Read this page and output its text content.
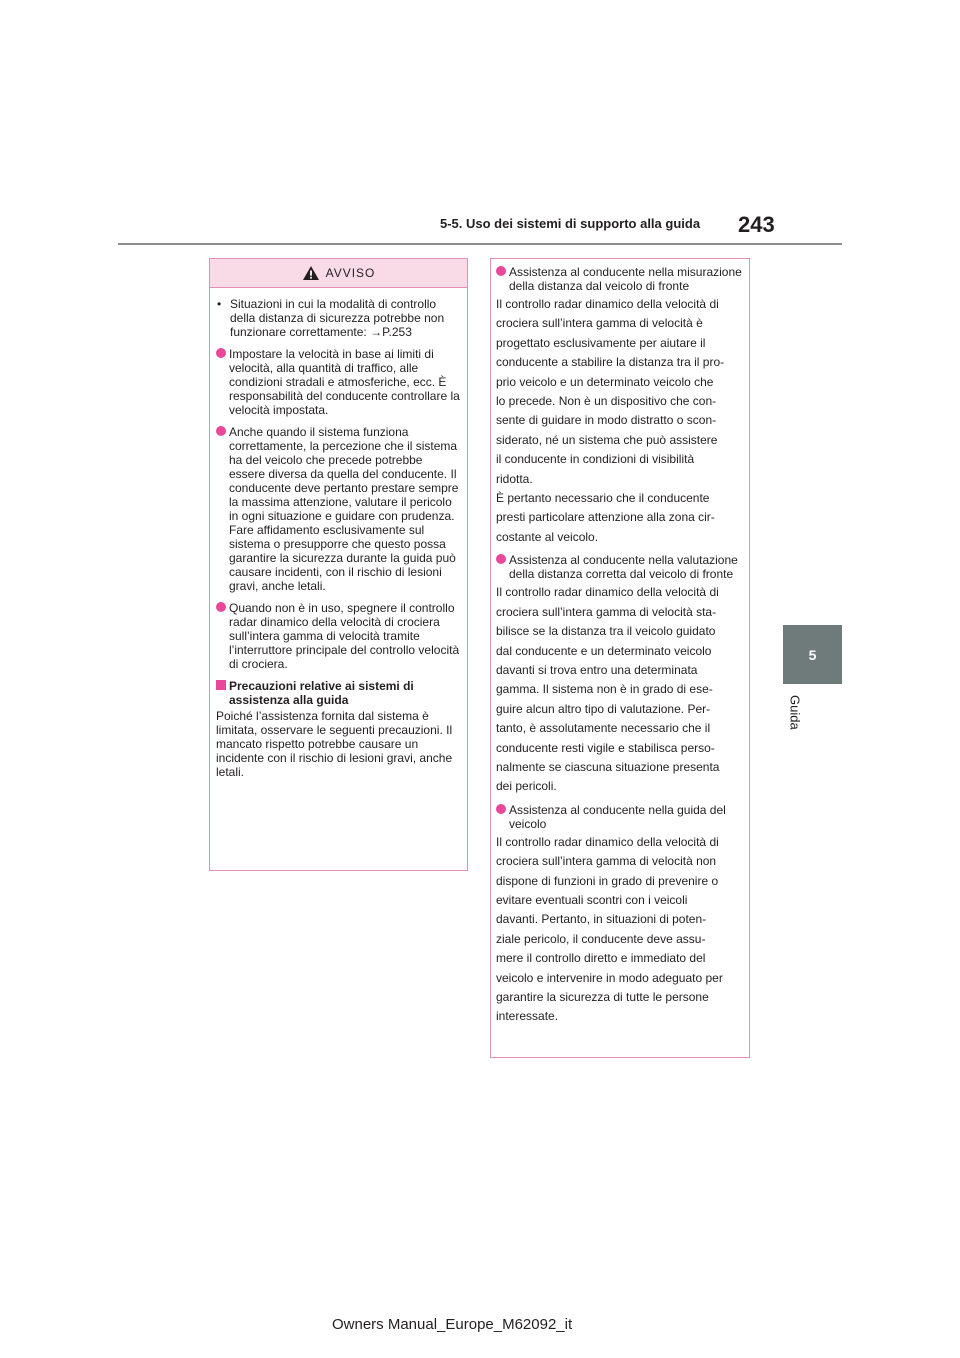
5-5. Uso dei sistemi di supporto alla guida 243
5
Guida
AVVISO
• Situazioni in cui la modalità di controllo della distanza di sicurezza potrebbe non funzionare correttamente: →P.253
Impostare la velocità in base ai limiti di velocità, alla quantità di traffico, alle condizioni stradali e atmosferiche, ecc. È responsabilità del conducente controllare la velocità impostata.
Anche quando il sistema funziona correttamente, la percezione che il sistema ha del veicolo che precede potrebbe essere diversa da quella del conducente. Il conducente deve pertanto prestare sempre la massima attenzione, valutare il pericolo in ogni situazione e guidare con prudenza. Fare affidamento esclusivamente sul sistema o presupporre che questo possa garantire la sicurezza durante la guida può causare incidenti, con il rischio di lesioni gravi, anche letali.
Quando non è in uso, spegnere il controllo radar dinamico della velocità di crociera sull’intera gamma di velocità tramite l’interruttore principale del controllo velocità di crociera.
Precauzioni relative ai sistemi di assistenza alla guida
Poiché l’assistenza fornita dal sistema è limitata, osservare le seguenti precauzioni. Il mancato rispetto potrebbe causare un incidente con il rischio di lesioni gravi, anche letali.
Assistenza al conducente nella misurazione della distanza dal veicolo di fronte
Il controllo radar dinamico della velocità di
crociera sull’intera gamma di velocità è
progettato esclusivamente per aiutare il
conducente a stabilire la distanza tra il pro-
prio veicolo e un determinato veicolo che
lo precede. Non è un dispositivo che con-
sente di guidare in modo distratto o scon-
siderato, né un sistema che può assistere
il conducente in condizioni di visibilità
ridotta.
È pertanto necessario che il conducente
presti particolare attenzione alla zona cir-
costante al veicolo.
Assistenza al conducente nella valutazione della distanza corretta dal veicolo di fronte
Il controllo radar dinamico della velocità di
crociera sull’intera gamma di velocità sta-
bilisce se la distanza tra il veicolo guidato
dal conducente e un determinato veicolo
davanti si trova entro una determinata
gamma. Il sistema non è in grado di ese-
guire alcun altro tipo di valutazione. Per-
tanto, è assolutamente necessario che il
conducente resti vigile e stabilisca perso-
nalmente se ciascuna situazione presenta
dei pericoli.
Assistenza al conducente nella guida del veicolo
Il controllo radar dinamico della velocità di
crociera sull’intera gamma di velocità non
dispone di funzioni in grado di prevenire o
evitare eventuali scontri con i veicoli
davanti. Pertanto, in situazioni di poten-
ziale pericolo, il conducente deve assu-
mere il controllo diretto e immediato del
veicolo e intervenire in modo adeguato per
garantire la sicurezza di tutte le persone
interessate.
Owners Manual_Europe_M62092_it
